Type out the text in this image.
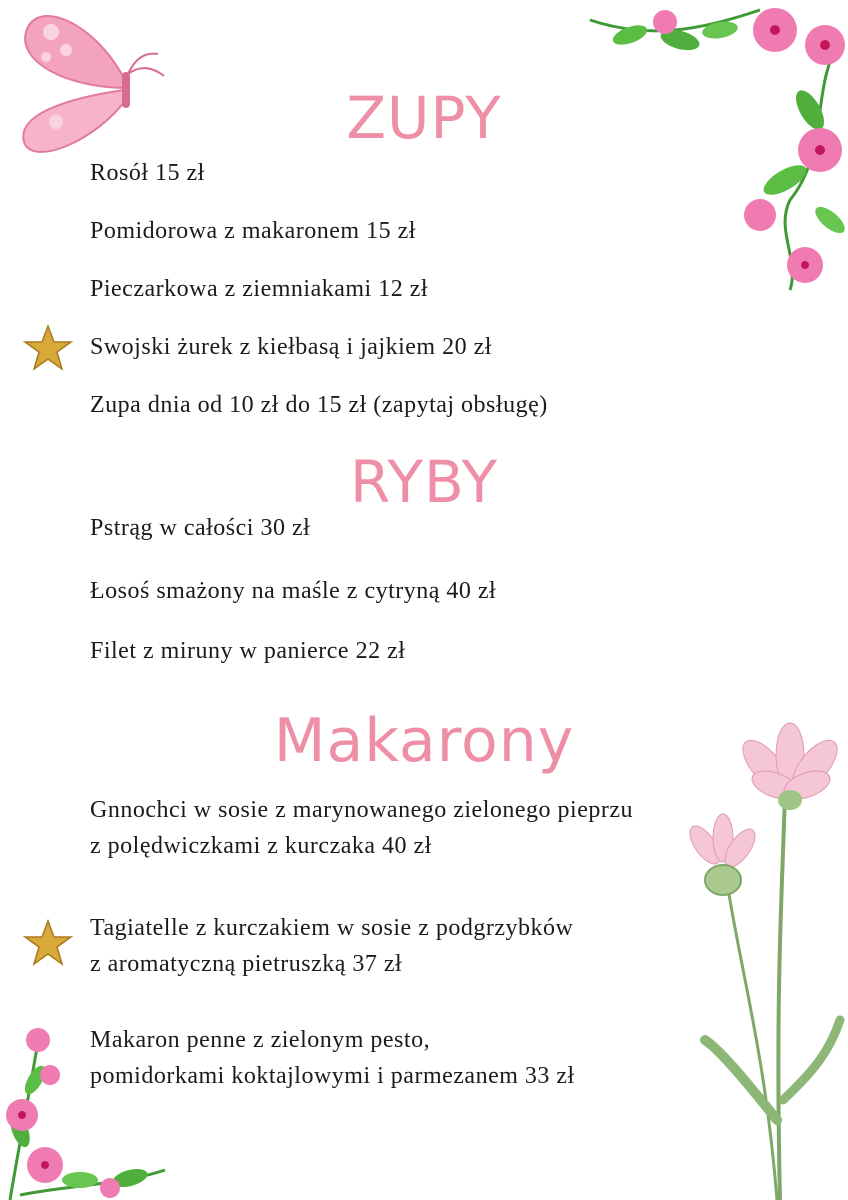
ZUPY

Rosół 15 zł

Pomidorowa z makaronem 15 zł

Pieczarkowa z ziemniakami 12 zł

Swojski żurek z kiełbasą i jajkiem 20 zł

Zupa dnia od 10 zł do 15 zł (zapytaj obsługę)

RYBY

Pstrąg w całości 30 zł

Łosoś smażony na maśle z cytryną 40 zł

Filet z miruny w panierce 22 zł

Makarony
Gnnochci w sosie z marynowanego zielonego pieprzu
z polędwiczkami z kurczaka 40 zł
Tagiatelle z kurczakiem w sosie z podgrzybków
z aromatyczną pietruszką 37 zł
Makaron penne z zielonym pesto,
pomidorkami koktajlowymi i parmezanem 33 zł
